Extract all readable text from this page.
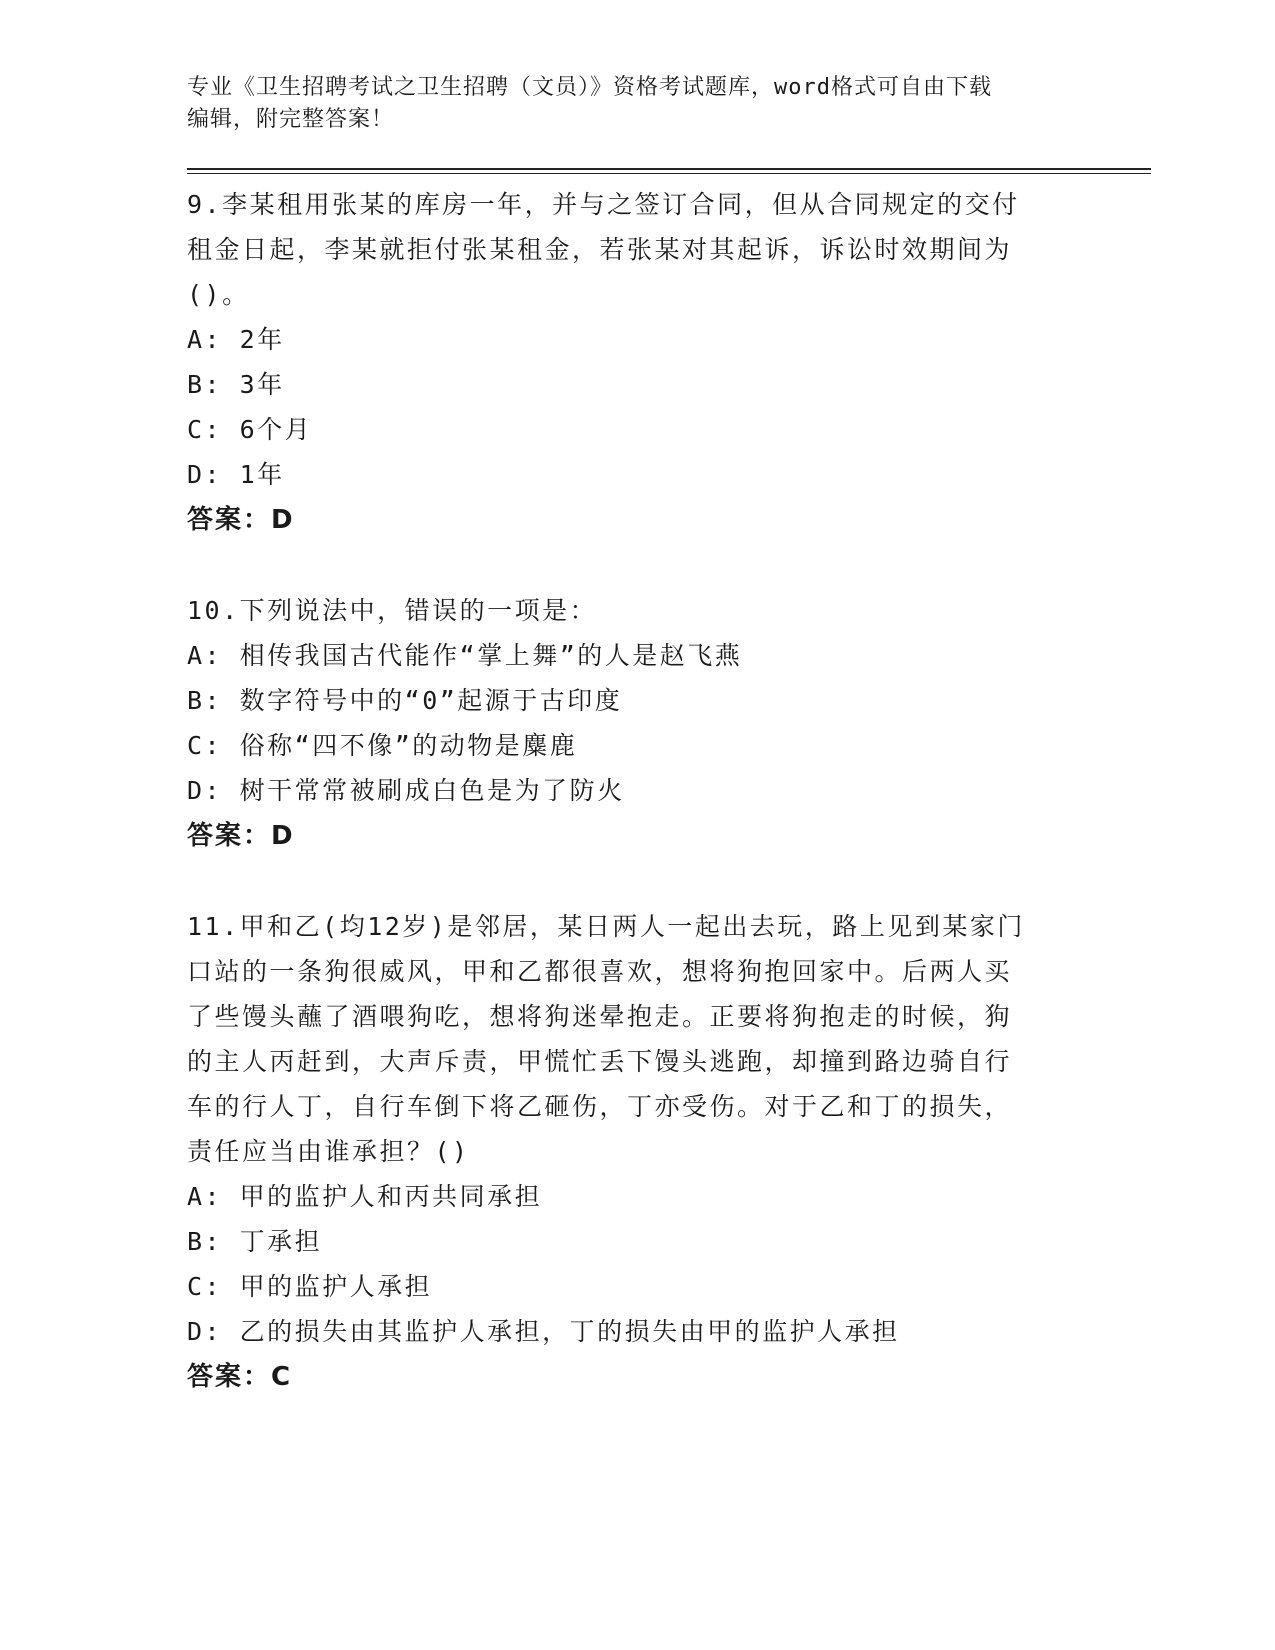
专业《卫生招聘考试之卫生招聘（文员）》资格考试题库，word格式可自由下载

编辑，附完整答案！

9.李某租用张某的库房一年，并与之签订合同，但从合同规定的交付

租金日起，李某就拒付张某租金，若张某对其起诉，诉讼时效期间为

()。

A: 2年

B: 3年

C: 6个月

D: 1年

答案：D

10.下列说法中，错误的一项是：

A: 相传我国古代能作“掌上舞”的人是赵飞燕

B: 数字符号中的“0”起源于古印度

C: 俗称“四不像”的动物是麋鹿

D: 树干常常被刷成白色是为了防火

答案：D

11.甲和乙(均12岁)是邻居，某日两人一起出去玩，路上见到某家门

口站的一条狗很威风，甲和乙都很喜欢，想将狗抱回家中。后两人买

了些馒头蘸了酒喂狗吃，想将狗迷晕抱走。正要将狗抱走的时候，狗

的主人丙赶到，大声斥责，甲慌忙丢下馒头逃跑，却撞到路边骑自行

车的行人丁，自行车倒下将乙砸伤，丁亦受伤。对于乙和丁的损失，

责任应当由谁承担？()

A: 甲的监护人和丙共同承担

B: 丁承担

C: 甲的监护人承担

D: 乙的损失由其监护人承担，丁的损失由甲的监护人承担

答案：C
